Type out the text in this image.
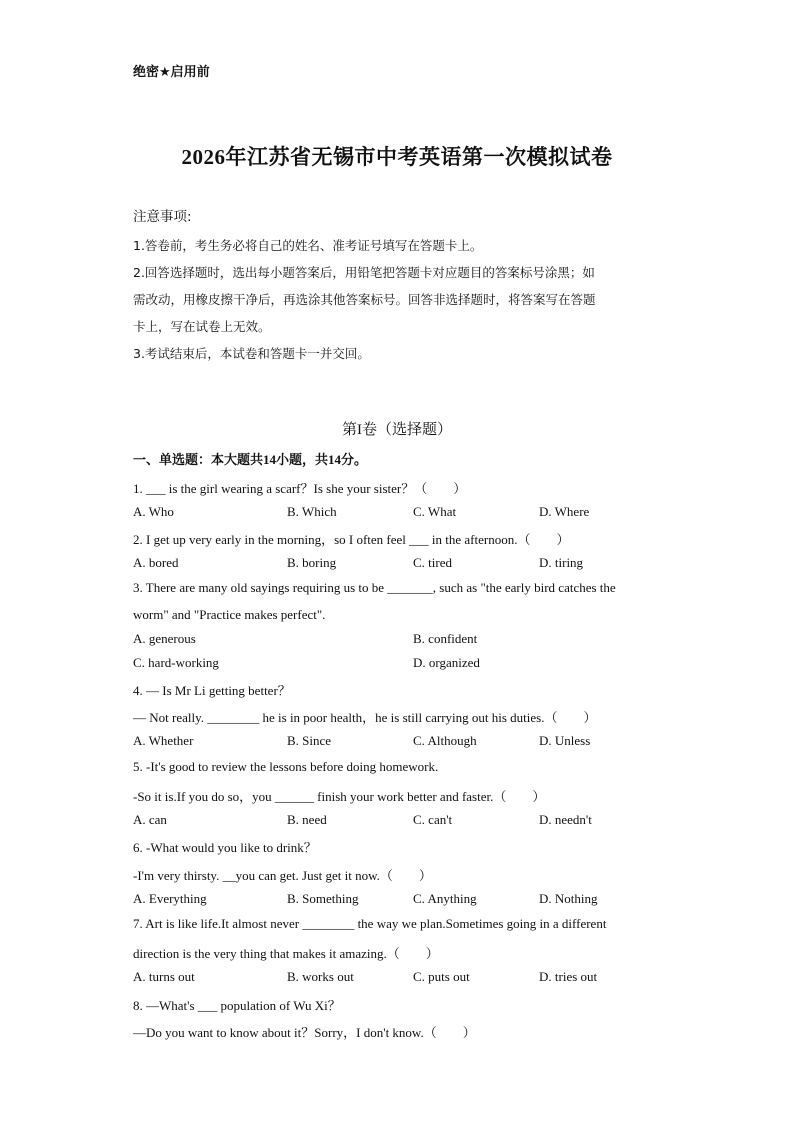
绝密★启用前
2026年江苏省无锡市中考英语第一次模拟试卷
注意事项:
1.答卷前，考生务必将自己的姓名、准考证号填写在答题卡上。
2.回答选择题时，选出每小题答案后，用铅笔把答题卡对应题目的答案标号涂黑；如
需改动，用橡皮擦干净后，再选涂其他答案标号。回答非选择题时，将答案写在答题
卡上，写在试卷上无效。
3.考试结束后，本试卷和答题卡一并交回。
第I卷（选择题）
一、单选题：本大题共14小题，共14分。
1. ___ is the girl wearing a scarf？Is she your sister？（　　）
A. Who	B. Which	C. What	D. Where
2. I get up very early in the morning，so I often feel ___ in the afternoon.（　　）
A. bored	B. boring	C. tired	D. tiring
3. There are many old sayings requiring us to be _______, such as "the early bird catches the
worm" and "Practice makes perfect".
A. generous	B. confident
C. hard-working	D. organized
4. — Is Mr Li getting better？
— Not really. ________ he is in poor health，he is still carrying out his duties.（　　）
A. Whether	B. Since	C. Although	D. Unless
5. -It's good to review the lessons before doing homework.
-So it is.If you do so，you ______ finish your work better and faster.（　　）
A. can	B. need	C. can't	D. needn't
6. -What would you like to drink？
-I'm very thirsty. __you can get. Just get it now.（　　）
A. Everything	B. Something	C. Anything	D. Nothing
7. Art is like life.It almost never ________ the way we plan.Sometimes going in a different
direction is the very thing that makes it amazing.（　　）
A. turns out	B. works out	C. puts out	D. tries out
8. —What's ___ population of Wu Xi？
—Do you want to know about it？Sorry，I don't know.（　　）
